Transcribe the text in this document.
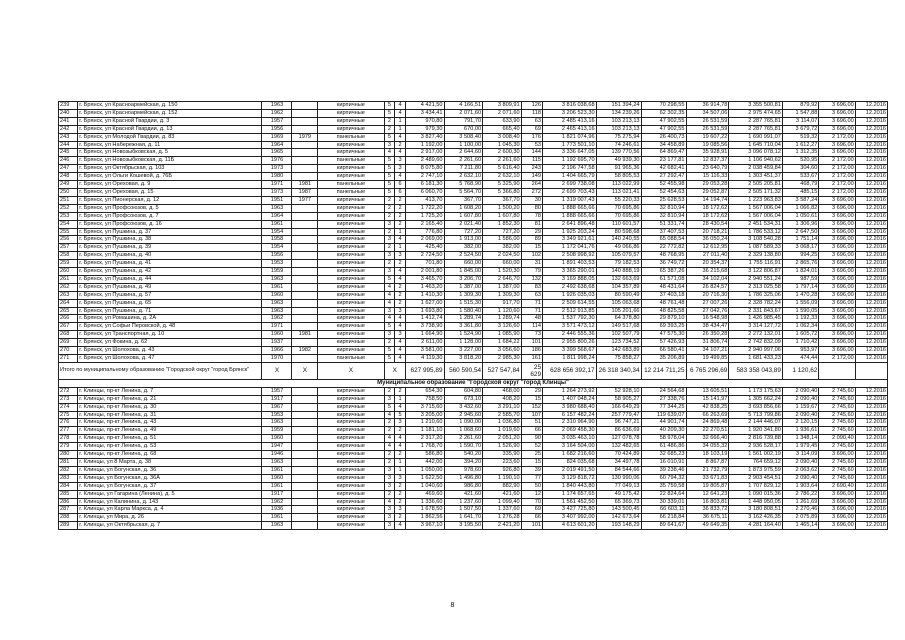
239	г. Брянск, ул Красноармейская, д. 150	1963		кирпичные	5	4	4 421,50	4 166,51	3 809,91	126	3 816 038,68	151 394,24	70 298,55	36 914,78	3 355 500,81	879,92	3 696,00	12.2016
240	г. Брянск, ул Красноармейская, д. 152	1962		кирпичные	5	4	3 434,41	2 071,60	2 071,60	118	3 206 523,30	134 239,26	62 302,35	34 507,06	2 975 474,65	1 547,88	3 696,00	12.2016
241	г. Брянск, ул Красной Гвардии, д. 3	1957		кирпичные	2	1	970,80	791,70	633,90	63	2 485 413,16	103 213,13	47 902,55	26 531,59	2 287 765,81	3 114,07	3 696,00	12.2016
242	г. Брянск, ул Красной Гвардии, д. 13	1956		кирпичные	2	1	979,30	670,00	665,40	69	2 465 413,16	103 213,13	47 902,55	26 531,59	2 287 765,81	3 679,72	3 696,00	12.2016
243	г. Брянск, ул Молодой Гвардии, д. 83	1969	1979	панельные	5	4	3 827,40	3 508,40	3 008,40	176	1 821 074,96	75 275,94	26 400,73	19 607,22	1 690 991,07	519,32	2 172,00	12.2016
244	г. Брянск, ул Набережная, д. 11	1964		кирпичные	3	2	1 192,00	1 100,00	1 045,30	53	1 773 501,10	74 246,61	34 458,89	19 085,56	1 645 710,04	1 612,27	3 696,00	12.2016
245	г. Брянск, ул Новозыбковская, д. 5	1965		кирпичные	4	4	2 917,00	2 644,60	2 600,30	144	3 336 647,05	139 770,56	64 869,47	35 928,91	3 096 078,12	1 312,35	3 696,00	12.2016
246	г. Брянск, ул Новозыбковская, д. 11Б	1976		панельные	5	3	2 489,60	2 261,60	2 261,60	115	1 192 695,70	49 939,30	23 177,81	12 837,37	1 106 940,62	520,95	2 172,00	12.2016
247	г. Брянск, ул Октябрьская, д. 103	1973		кирпичные	5	3	8 075,80	7 211,80	5 616,40	243	2 196 747,58	91 965,36	42 682,41	23 640,79	2 038 459,84	304,60	2 172,00	12.2016
248	г. Брянск, ул Ольги Кошевой, д. 76Б	1980		кирпичные	5	4	2 747,10	2 632,10	2 632,10	149	1 404 665,79	58 805,53	27 292,47	15 116,33	1 303 451,37	533,67	2 172,00	12.2016
249	г. Брянск, ул Ореховая, д. 9	1971	1981	панельные	5	6	6 181,30	5 768,90	5 325,90	264	2 699 738,08	113 022,99	52 455,98	29 053,28	2 505 205,81	468,79	2 172,00	12.2016
250	г. Брянск, ул Ореховая, д. 15	1973	1987	панельные	5	6	6 060,70	5 564,70	5 366,80	272	2 699 703,43	113 021,41	52 454,63	29 052,87	2 505 171,32	485,15	2 172,00	12.2016
251	г. Брянск, ул Пионерская, д. 12	1951	1977	кирпичные	2	2	413,70	367,70	367,70	30	1 319 007,43	55 220,33	25 628,53	14 194,74	1 223 963,83	3 587,24	3 696,00	12.2016
252	г. Брянск, ул Профсоюзов, д. 5	1963		кирпичные	2	2	1 722,20	1 608,20	1 500,20	80	1 888 665,66	70 695,86	32 810,94	18 172,62	1 567 006,04	1 066,82	3 696,00	12.2016
253	г. Брянск, ул Профсоюзов, д. 7	1964		кирпичные	2	2	1 725,20	1 607,80	1 607,80	78	1 888 665,66	70 695,86	32 810,94	18 172,62	1 567 006,04	1 050,61	3 696,00	12.2016
254	г. Брянск, ул Профсоюзов, д. 16	1961		кирпичные	3	2	2 165,40	2 021,40	1 852,30	81	2 641 896,48	110 601,57	51 331,74	28 430,54	2 451 534,31	1 306,96	3 696,00	12.2016
255	г. Брянск, ул Пушкина, д. 37	1954		кирпичные	2	1	776,80	727,20	727,20	29	1 925 203,24	80 598,68	37 407,53	20 718,21	1 786 533,12	2 647,50	3 696,00	12.2016
256	г. Брянск, ул Пушкина, д. 38	1958		кирпичные	3	4	2 069,00	1 913,00	1 586,00	89	3 349 921,61	140 240,55	65 088,54	36 050,24	3 108 540,28	1 751,14	3 696,00	12.2016
257	г. Брянск, ул Пушкина, д. 39	1954		кирпичные	2	1	425,40	382,00	382,00	15	1 172 041,76	49 066,86	22 772,82	12 612,95	1 087 589,33	3 068,17	3 696,00	12.2016
258	г. Брянск, ул Пушкина, д. 40	1956		кирпичные	3	3	2 724,50	2 524,50	2 024,50	102	2 508 998,92	105 079,57	48 768,95	27 011,40	2 329 138,80	994,25	3 696,00	12.2016
259	г. Брянск, ул Пушкина, д. 41	1953		кирпичные	2	2	701,80	660,00	660,00	31	1 891 403,53	79 182,53	36 749,72	20 354,37	1 755 116,91	2 865,76	3 696,00	12.2016
260	г. Брянск, ул Пушкина, д. 42	1959		кирпичные	3	4	2 001,80	1 845,00	1 520,30	79	3 365 290,01	140 888,19	65 387,26	36 215,68	3 122 806,87	1 824,01	3 696,00	12.2016
261	г. Брянск, ул Пушкина, д. 44	1963		кирпичные	5	4	3 465,70	3 206,70	2 646,70	132	3 169 888,05	132 663,69	61 571,08	34 102,04	2 940 551,24	987,59	3 696,00	12.2016
262	г. Брянск, ул Пушкина, д. 49	1961		кирпичные	4	2	1 463,20	1 387,00	1 387,00	83	2 492 638,68	104 357,89	48 431,64	26 824,57	2 313 025,58	1 797,14	3 696,00	12.2016
263	г. Брянск, ул Пушкина, д. 57	1960		кирпичные	4	2	1 410,30	1 309,30	1 309,30	63	1 926 035,03	80 590,49	37 403,18	20 716,30	1 786 325,06	1 470,28	3 696,00	12.2016
264	г. Брянск, ул Пушкина, д. 65	1963		кирпичные	4	2	1 627,00	1 515,30	917,70	71	2 509 614,55	105 063,68	48 761,48	27 007,26	2 328 782,24	1 556,09	3 696,00	12.2016
265	г. Брянск, ул Пушкина, д. 71	1963		кирпичные	3	3	1 693,80	1 580,40	1 120,60	71	2 512 913,85	105 201,66	48 825,58	27 042,76	2 331 843,67	1 590,05	3 696,00	12.2016
266	г. Брянск, ул Ромашина, д. 2А	1962		кирпичные	4	4	1 412,74	1 289,74	1 289,74	48	1 537 792,30	64 378,80	29 879,10	16 548,98	1 426 985,45	1 192,33	3 696,00	12.2016
267	г. Брянск, ул Софьи Перовской, д. 48	1971		кирпичные	5	4	3 738,90	3 361,80	3 126,60	114	3 571 473,12	149 517,68	69 393,25	38 434,47	3 314 127,72	1 062,34	3 696,00	12.2016
268	г. Брянск, ул Транспортная, д. 10	1960	1981	кирпичные	3	3	1 664,90	1 524,90	1 085,90	73	2 446 555,36	102 507,79	47 575,30	26 350,28	2 272 132,01	1 605,72	3 696,00	12.2016
269	г. Брянск, ул Фокина, д. 62	1937		кирпичные	2	4	2 611,00	1 128,00	1 684,22	101	2 955 800,26	123 734,52	57 426,93	31 806,74	2 742 832,09	1 710,42	3 696,00	12.2016
270	г. Брянск, ул Шолохова, д. 43	1966	1982	кирпичные	5	4	3 581,00	3 227,00	3 056,60	186	3 399 568,67	142 683,89	66 580,41	34 107,21	2 940 997,06	953,97	3 696,00	12.2016
271	г. Брянск, ул Шолохова, д. 47	1970		панельные	5	4	4 119,30	3 818,20	2 985,30	161	1 811 998,24	75 858,27	35 206,89	19 499,85	1 681 433,23	474,44	2 172,00	12.2016
Итого по муниципальному образованию "Городской округ "город Брянск"		X	X	X	X		627 995,89	560 590,54	527 547,84	25 629	628 656 392,17	26 318 340,34	12 214 711,25	6 765 296,69	583 358 043,89	1 120,62		
Муниципальное образование "Городской округ "город Клинцы"																		
272	г. Клинцы, пр-кт Ленина, д. 7	1957		кирпичные	2	2	654,30	604,80	468,00	29	1 264 273,92	52 928,10	24 564,68	13 605,51	1 173 175,63	2 090,40	2 745,60	12.2016
273	г. Клинцы, пр-кт Ленина, д. 21	1917		кирпичные	3	1	758,50	673,10	408,20	15	1 407 048,24	58 905,27	27 338,76	15 141,97	1 305 662,24	2 090,40	2 745,60	12.2016
274	г. Клинцы, пр-кт Ленина, д. 30	1967		кирпичные	5	4	3 715,60	3 432,60	3 291,10	152	3 980 688,40	166 649,29	77 344,25	42 838,25	3 693 856,66	1 159,67	2 745,60	12.2016
275	г. Клинцы, пр-кт Ленина, д. 31	1953		кирпичные	4	5	3 205,00	2 945,60	2 585,70	107	6 157 482,24	257 779,47	119 639,07	66 263,69	5 713 799,86	2 090,40	2 745,60	12.2016
276	г. Клинцы, пр-кт Ленина, д. 43	1963		кирпичные	2	3	1 210,60	1 090,00	1 036,80	51	2 310 964,90	96 747,21	44 901,74	24 869,48	2 144 446,07	2 120,15	2 745,60	12.2016
277	г. Клинцы, пр-кт Ленина, д. 49	1959		кирпичные	2	2	1 181,10	1 068,60	1 019,60	66	2 069 458,30	86 636,69	40 209,30	22 270,51	1 920 341,80	1 936,61	2 745,60	12.2016
278	г. Клинцы, пр-кт Ленина, д. 51	1960		кирпичные	4	4	2 317,20	2 261,60	2 051,20	90	3 035 463,10	127 078,78	58 978,04	32 666,40	2 816 739,88	1 348,14	2 090,40	12.2016
279	г. Клинцы, пр-кт Ленина, д. 53	1947		кирпичные	4	4	1 768,70	1 590,70	1 526,90	52	3 164 504,00	132 482,65	61 486,86	34 055,32	2 936 528,17	1 979,45	2 745,60	12.2016
280	г. Клинцы, пр-кт Ленина, д. 68	1946		кирпичные	2	2	586,80	540,20	335,90	25	1 682 216,60	70 424,89	32 685,23	18 103,19	1 561 002,19	3 114,09	3 696,00	12.2016
281	г. Клинцы, ул 8 Марта, д. 38	1963		кирпичные	2	1	442,00	394,20	223,60	15	824 035,68	34 497,78	16 010,91	8 867,87	764 659,12	2 090,40	2 745,60	12.2016
282	г. Клинцы, ул Богунская, д. 36	1961		кирпичные	3	1	1 050,00	978,60	926,80	39	2 019 491,50	84 544,66	39 238,46	21 732,79	1 873 975,59	2 063,62	2 745,60	12.2016
283	г. Клинцы, ул Богунская, д. 36А	1960		кирпичные	3	3	1 622,50	1 496,80	1 190,10	77	3 129 818,72	130 990,06	60 794,32	33 671,83	2 903 454,51	2 090,40	2 745,60	12.2016
284	г. Клинцы, ул Богунская, д. 37	1961		кирпичные	3	2	1 040,60	986,80	882,90	50	1 840 443,80	77 049,13	35 759,58	19 805,87	1 707 829,12	1 903,64	2 690,40	12.2016
285	г. Клинцы, ул Гагарина (Ленина), д. 5	1917		кирпичные	2	2	469,60	421,60	421,60	12	1 174 657,65	49 175,42	22 824,64	12 641,23	1 090 015,36	2 786,22	3 696,00	12.2016
286	г. Клинцы, ул Калинина, д. 143	1962		кирпичные	4	2	1 336,60	1 237,60	1 099,40	70	1 561 452,50	65 369,73	30 339,01	16 803,81	1 448 950,05	1 261,69	3 696,00	12.2016
287	г. Клинцы, ул Карла Маркса, д. 4	1936		кирпичные	3	3	1 678,50	1 507,50	1 337,60	69	3 427 725,80	143 500,45	66 603,11	36 833,72	3 180 808,51	2 270,46	3 696,00	12.2016
288	г. Клинцы, ул Мира, д. 26	1961		кирпичные	3	2	1 862,56	1 641,70	1 276,28	66	3 407 992,00	142 673,64	66 218,84	36 675,11	3 162 426,35	2 075,89	3 696,00	12.2016
289	г. Клинцы, ул Октябрьская, д. 7	1963		кирпичные	3	4	3 967,10	3 195,50	2 421,20	101	4 613 601,20	193 148,29	89 641,67	49 649,35	4 281 164,40	1 465,14	3 696,00	12.2016
8
